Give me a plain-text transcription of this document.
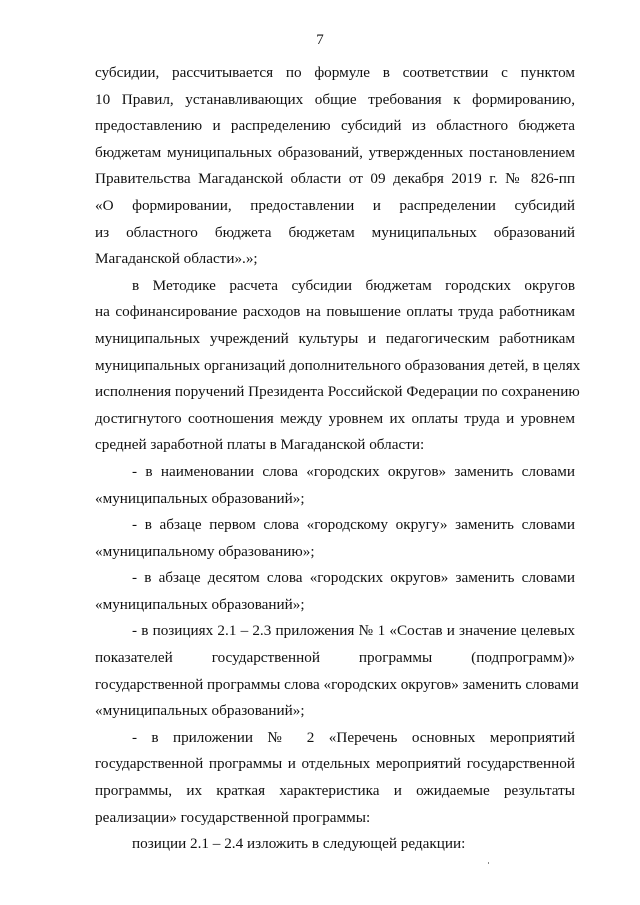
7
субсидии, рассчитывается по формуле в соответствии с пунктом
10 Правил, устанавливающих общие требования к формированию,
предоставлению и распределению субсидий из областного бюджета
бюджетам муниципальных образований, утвержденных постановлением
Правительства Магаданской области от 09 декабря 2019 г. № 826-пп
«О формировании, предоставлении и распределении субсидий
из областного бюджета бюджетам муниципальных образований
Магаданской области».»;
в Методике расчета субсидии бюджетам городских округов
на софинансирование расходов на повышение оплаты труда работникам
муниципальных учреждений культуры и педагогическим работникам
муниципальных организаций дополнительного образования детей, в целях
исполнения поручений Президента Российской Федерации по сохранению
достигнутого соотношения между уровнем их оплаты труда и уровнем
средней заработной платы в Магаданской области:
- в наименовании слова «городских округов» заменить словами
«муниципальных образований»;
- в абзаце первом слова «городскому округу» заменить словами
«муниципальному образованию»;
- в абзаце десятом слова «городских округов» заменить словами
«муниципальных образований»;
- в позициях 2.1 – 2.3 приложения № 1 «Состав и значение целевых
показателей государственной программы (подпрограмм)»
государственной программы слова «городских округов» заменить словами
«муниципальных образований»;
- в приложении № 2 «Перечень основных мероприятий
государственной программы и отдельных мероприятий государственной
программы, их краткая характеристика и ожидаемые результаты
реализации» государственной программы:
позиции 2.1 – 2.4 изложить в следующей редакции:
